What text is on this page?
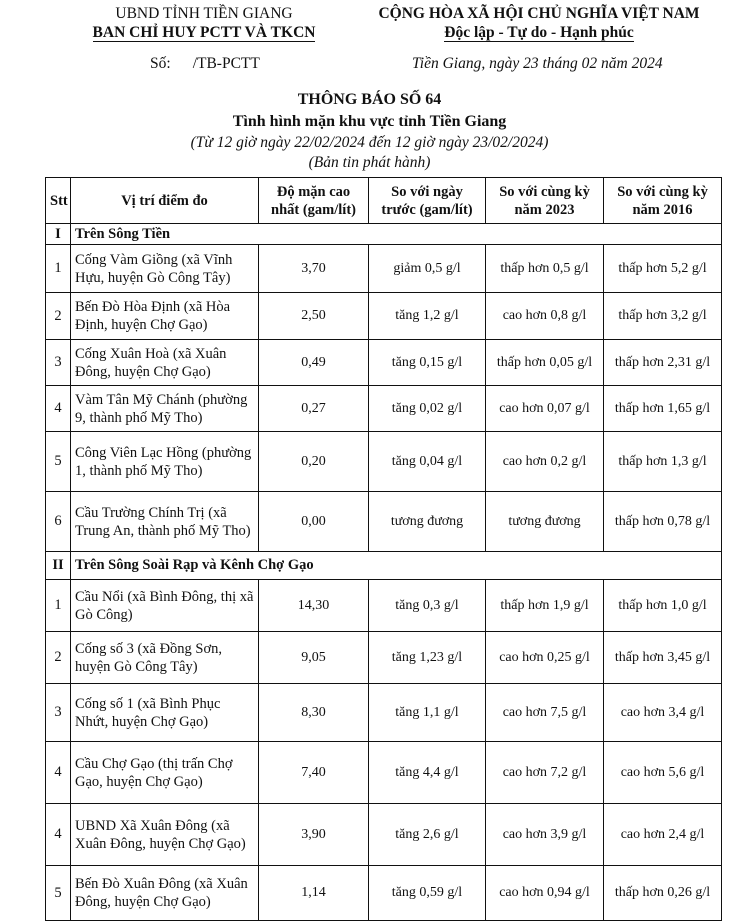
UBND TỈNH TIỀN GIANG
BAN CHỈ HUY PCTT VÀ TKCN
CỘNG HÒA XÃ HỘI CHỦ NGHĨA VIỆT NAM
Độc lập - Tự do - Hạnh phúc
Số: /TB-PCTT	Tiền Giang, ngày 23 tháng 02 năm 2024
THÔNG BÁO SỐ 64
Tình hình mặn khu vực tỉnh Tiền Giang
(Từ 12 giờ ngày 22/02/2024 đến 12 giờ ngày 23/02/2024)
(Bản tin phát hành)
Stt	Vị trí điểm đo	Độ mặn cao nhất (gam/lít)	So với ngày trước (gam/lít)	So với cùng kỳ năm 2023	So với cùng kỳ năm 2016
I	Trên Sông Tiền				
1	Cống Vàm Giồng (xã Vĩnh Hựu, huyện Gò Công Tây)	3,70	giảm 0,5 g/l	thấp hơn 0,5 g/l	thấp hơn 5,2 g/l
2	Bến Đò Hòa Định (xã Hòa Định, huyện Chợ Gạo)	2,50	tăng 1,2 g/l	cao hơn 0,8 g/l	thấp hơn 3,2 g/l
3	Cống Xuân Hoà (xã Xuân Đông, huyện Chợ Gạo)	0,49	tăng 0,15 g/l	thấp hơn 0,05 g/l	thấp hơn 2,31 g/l
4	Vàm Tân Mỹ Chánh (phường 9, thành phố Mỹ Tho)	0,27	tăng 0,02 g/l	cao hơn 0,07 g/l	thấp hơn 1,65 g/l
5	Công Viên Lạc Hồng (phường 1, thành phố Mỹ Tho)	0,20	tăng 0,04 g/l	cao hơn 0,2 g/l	thấp hơn 1,3 g/l
6	Cầu Trường Chính Trị (xã Trung An, thành phố Mỹ Tho)	0,00	tương đương	tương đương	thấp hơn 0,78 g/l
II	Trên Sông Soài Rạp và Kênh Chợ Gạo				
1	Cầu Nổi (xã Bình Đông, thị xã Gò Công)	14,30	tăng 0,3 g/l	thấp hơn 1,9 g/l	thấp hơn 1,0 g/l
2	Cống số 3 (xã Đồng Sơn, huyện Gò Công Tây)	9,05	tăng 1,23 g/l	cao hơn 0,25 g/l	thấp hơn 3,45 g/l
3	Cống số 1 (xã Bình Phục Nhứt, huyện Chợ Gạo)	8,30	tăng 1,1 g/l	cao hơn 7,5 g/l	cao hơn 3,4 g/l
4	Cầu Chợ Gạo (thị trấn Chợ Gạo, huyện Chợ Gạo)	7,40	tăng 4,4 g/l	cao hơn 7,2 g/l	cao hơn 5,6 g/l
4	UBND Xã Xuân Đông (xã Xuân Đông, huyện Chợ Gạo)	3,90	tăng 2,6 g/l	cao hơn 3,9 g/l	cao hơn 2,4 g/l
5	Bến Đò Xuân Đông (xã Xuân Đông, huyện Chợ Gạo)	1,14	tăng 0,59 g/l	cao hơn 0,94 g/l	thấp hơn 0,26 g/l
